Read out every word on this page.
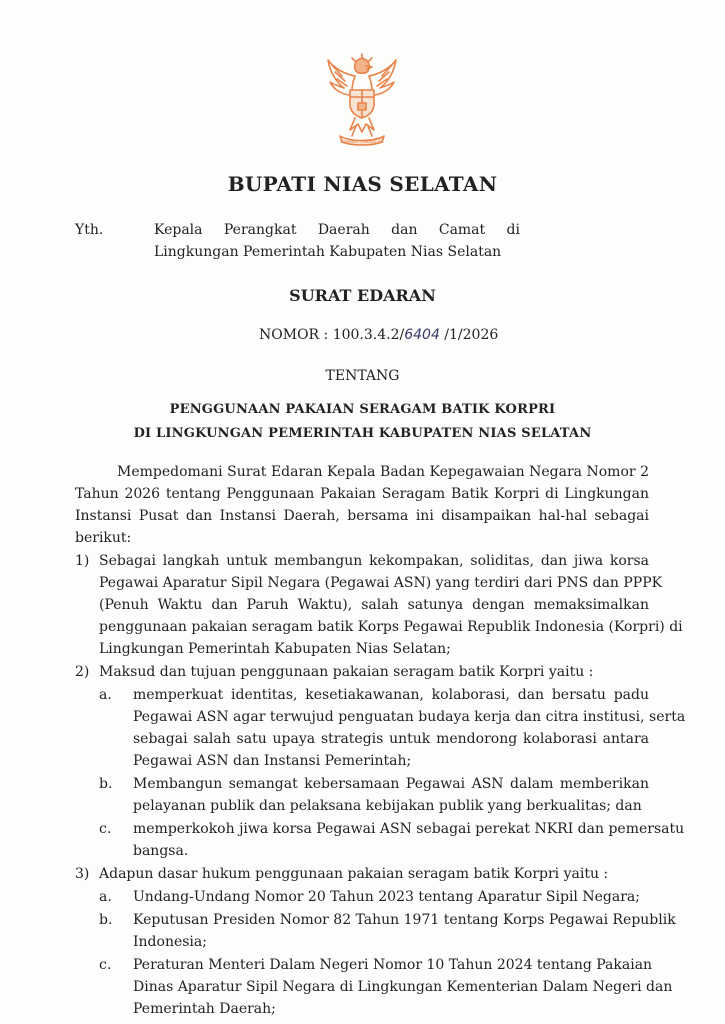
BHINNEKA TUNGGAL IKA
BUPATI NIAS SELATAN
Yth.	Kepala Perangkat Daerah dan Camat di
Lingkungan Pemerintah Kabupaten Nias Selatan
SURAT EDARAN
NOMOR : 100.3.4.2/6404 /1/2026
TENTANG
PENGGUNAAN PAKAIAN SERAGAM BATIK KORPRI
DI LINGKUNGAN PEMERINTAH KABUPATEN NIAS SELATAN
Mempedomani Surat Edaran Kepala Badan Kepegawaian Negara Nomor 2
Tahun 2026 tentang Penggunaan Pakaian Seragam Batik Korpri di Lingkungan
Instansi Pusat dan Instansi Daerah, bersama ini disampaikan hal-hal sebagai
berikut:
1) Sebagai langkah untuk membangun kekompakan, soliditas, dan jiwa korsa
Pegawai Aparatur Sipil Negara (Pegawai ASN) yang terdiri dari PNS dan PPPK
(Penuh Waktu dan Paruh Waktu), salah satunya dengan memaksimalkan
penggunaan pakaian seragam batik Korps Pegawai Republik Indonesia (Korpri) di
Lingkungan Pemerintah Kabupaten Nias Selatan;
2) Maksud dan tujuan penggunaan pakaian seragam batik Korpri yaitu :
a. memperkuat identitas, kesetiakawanan, kolaborasi, dan bersatu padu
Pegawai ASN agar terwujud penguatan budaya kerja dan citra institusi, serta
sebagai salah satu upaya strategis untuk mendorong kolaborasi antara
Pegawai ASN dan Instansi Pemerintah;
b. Membangun semangat kebersamaan Pegawai ASN dalam memberikan
pelayanan publik dan pelaksana kebijakan publik yang berkualitas; dan
c. memperkokoh jiwa korsa Pegawai ASN sebagai perekat NKRI dan pemersatu
bangsa.
3) Adapun dasar hukum penggunaan pakaian seragam batik Korpri yaitu :
a. Undang-Undang Nomor 20 Tahun 2023 tentang Aparatur Sipil Negara;
b. Keputusan Presiden Nomor 82 Tahun 1971 tentang Korps Pegawai Republik
Indonesia;
c. Peraturan Menteri Dalam Negeri Nomor 10 Tahun 2024 tentang Pakaian
Dinas Aparatur Sipil Negara di Lingkungan Kementerian Dalam Negeri dan
Pemerintah Daerah;
